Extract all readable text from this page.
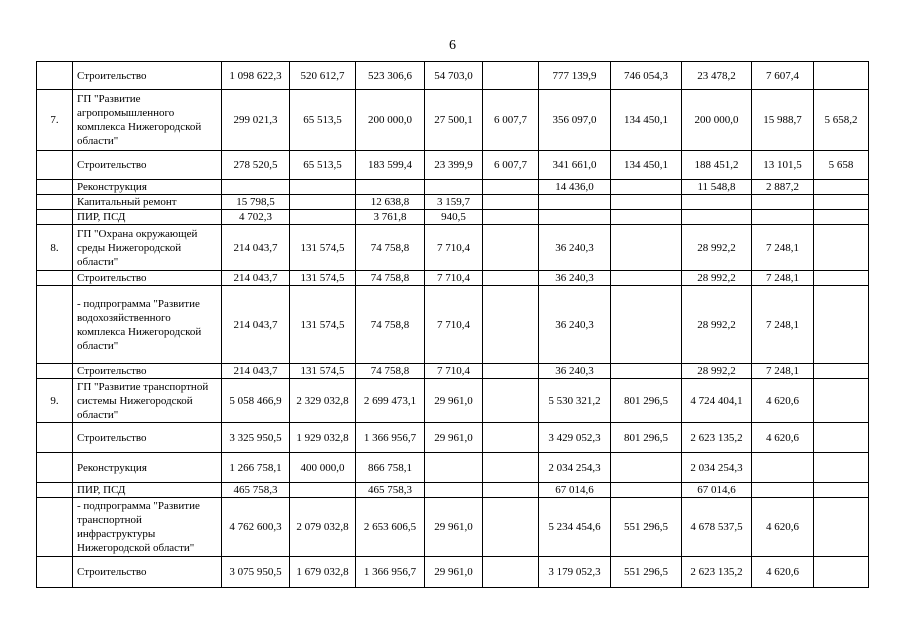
6
	Строительство	1 098 622,3	520 612,7	523 306,6	54 703,0		777 139,9	746 054,3	23 478,2	7 607,4	
7.	ГП "Развитие агропромышленного комплекса Нижегородской области"	299 021,3	65 513,5	200 000,0	27 500,1	6 007,7	356 097,0	134 450,1	200 000,0	15 988,7	5 658,2
	Строительство	278 520,5	65 513,5	183 599,4	23 399,9	6 007,7	341 661,0	134 450,1	188 451,2	13 101,5	5 658
	Реконструкция						14 436,0		11 548,8	2 887,2	
	Капитальный ремонт	15 798,5		12 638,8	3 159,7						
	ПИР, ПСД	4 702,3		3 761,8	940,5						
8.	ГП "Охрана окружающей среды Нижегородской области"	214 043,7	131 574,5	74 758,8	7 710,4		36 240,3		28 992,2	7 248,1	
	Строительство	214 043,7	131 574,5	74 758,8	7 710,4		36 240,3		28 992,2	7 248,1	
	- подпрограмма "Развитие водохозяйственного комплекса Нижегородской области"	214 043,7	131 574,5	74 758,8	7 710,4		36 240,3		28 992,2	7 248,1	
	Строительство	214 043,7	131 574,5	74 758,8	7 710,4		36 240,3		28 992,2	7 248,1	
9.	ГП "Развитие транспортной системы Нижегородской области"	5 058 466,9	2 329 032,8	2 699 473,1	29 961,0		5 530 321,2	801 296,5	4 724 404,1	4 620,6	
	Строительство	3 325 950,5	1 929 032,8	1 366 956,7	29 961,0		3 429 052,3	801 296,5	2 623 135,2	4 620,6	
	Реконструкция	1 266 758,1	400 000,0	866 758,1			2 034 254,3		2 034 254,3		
	ПИР, ПСД	465 758,3		465 758,3			67 014,6		67 014,6		
	- подпрограмма "Развитие транспортной инфраструктуры Нижегородской области"	4 762 600,3	2 079 032,8	2 653 606,5	29 961,0		5 234 454,6	551 296,5	4 678 537,5	4 620,6	
	Строительство	3 075 950,5	1 679 032,8	1 366 956,7	29 961,0		3 179 052,3	551 296,5	2 623 135,2	4 620,6	
